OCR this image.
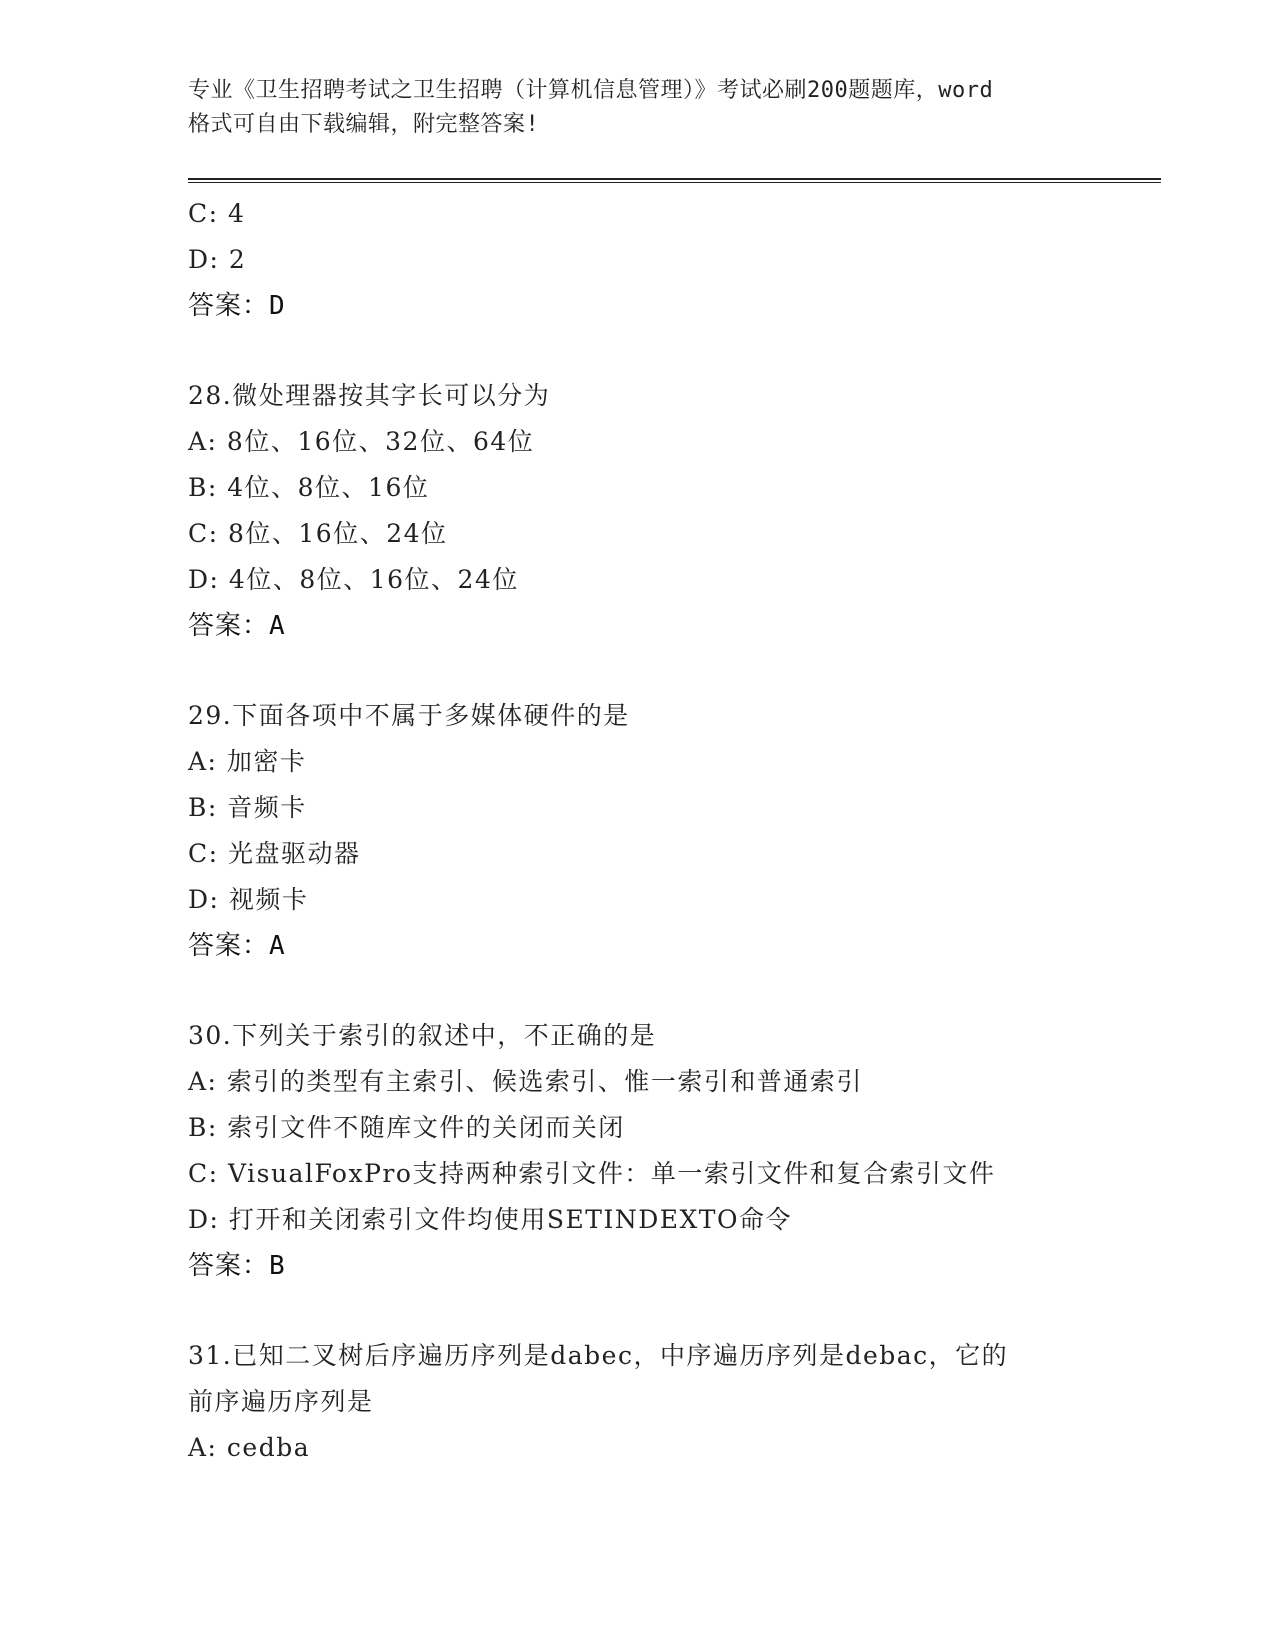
专业《卫生招聘考试之卫生招聘（计算机信息管理）》考试必刷200题题库，word
格式可自由下载编辑，附完整答案!
C: 4
D: 2
答案：D
28.微处理器按其字长可以分为
A: 8位、16位、32位、64位
B: 4位、8位、16位
C: 8位、16位、24位
D: 4位、8位、16位、24位
答案：A
29.下面各项中不属于多媒体硬件的是
A: 加密卡
B: 音频卡
C: 光盘驱动器
D: 视频卡
答案：A
30.下列关于索引的叙述中，不正确的是
A: 索引的类型有主索引、候选索引、惟一索引和普通索引
B: 索引文件不随库文件的关闭而关闭
C: VisualFoxPro支持两种索引文件：单一索引文件和复合索引文件
D: 打开和关闭索引文件均使用SETINDEXTO命令
答案：B
31.已知二叉树后序遍历序列是dabec，中序遍历序列是debac，它的
前序遍历序列是
A: cedba
